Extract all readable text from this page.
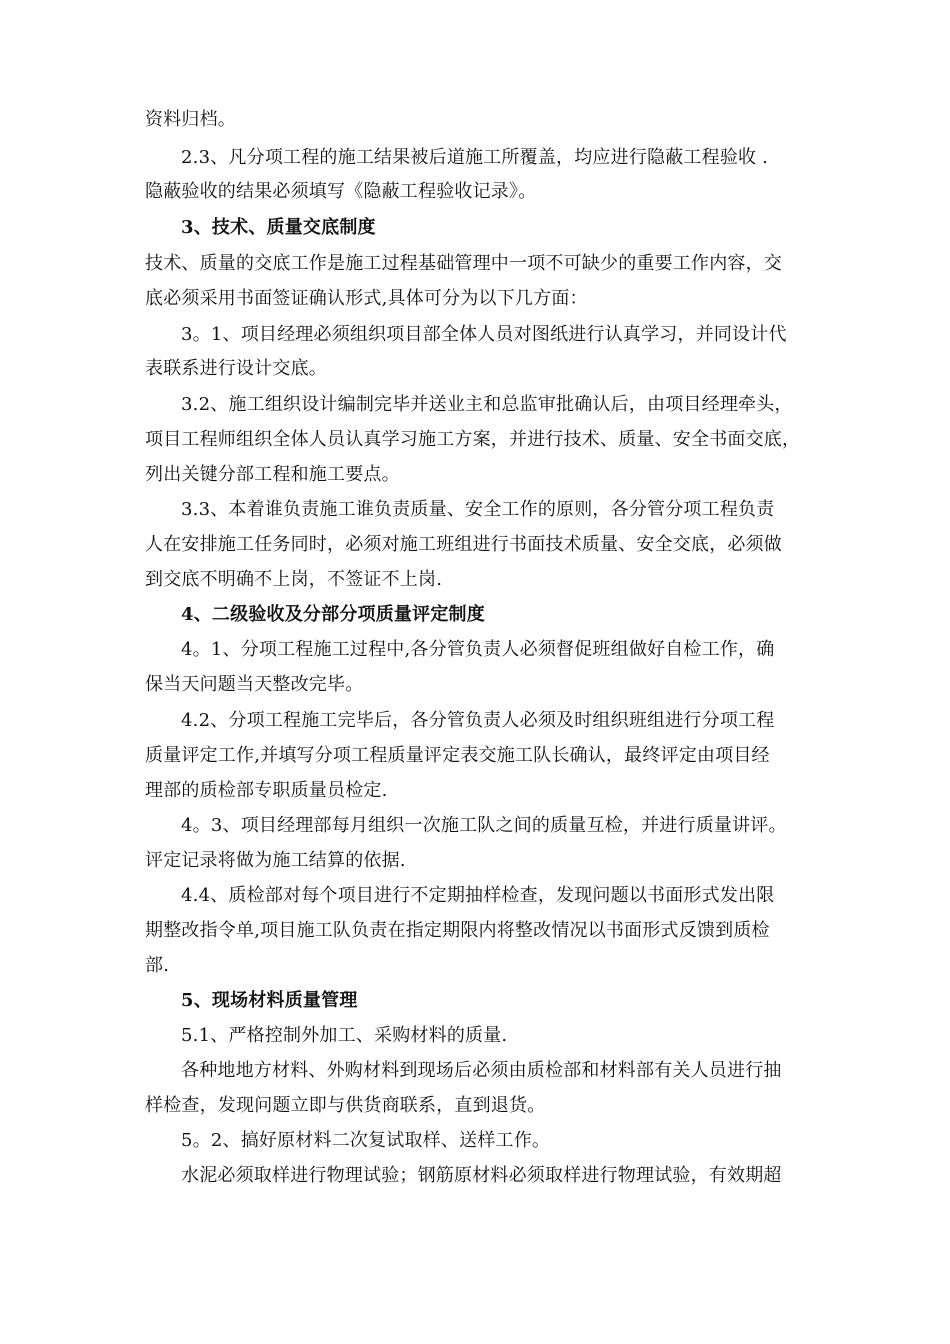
资料归档。
2.3、凡分项工程的施工结果被后道施工所覆盖，均应进行隐蔽工程验收 .
隐蔽验收的结果必须填写《隐蔽工程验收记录》。
3、技术、质量交底制度
技术、质量的交底工作是施工过程基础管理中一项不可缺少的重要工作内容，交
底必须采用书面签证确认形式,具体可分为以下几方面：
3。1、项目经理必须组织项目部全体人员对图纸进行认真学习，并同设计代
表联系进行设计交底。
3.2、施工组织设计编制完毕并送业主和总监审批确认后，由项目经理牵头，
项目工程师组织全体人员认真学习施工方案，并进行技术、质量、安全书面交底，
列出关键分部工程和施工要点。
3.3、本着谁负责施工谁负责质量、安全工作的原则，各分管分项工程负责
人在安排施工任务同时，必须对施工班组进行书面技术质量、安全交底，必须做
到交底不明确不上岗，不签证不上岗.
4、二级验收及分部分项质量评定制度
4。1、分项工程施工过程中,各分管负责人必须督促班组做好自检工作，确
保当天问题当天整改完毕。
4.2、分项工程施工完毕后，各分管负责人必须及时组织班组进行分项工程
质量评定工作,并填写分项工程质量评定表交施工队长确认，最终评定由项目经
理部的质检部专职质量员检定.
4。3、项目经理部每月组织一次施工队之间的质量互检，并进行质量讲评。
评定记录将做为施工结算的依据.
4.4、质检部对每个项目进行不定期抽样检查，发现问题以书面形式发出限
期整改指令单,项目施工队负责在指定期限内将整改情况以书面形式反馈到质检
部.
5、现场材料质量管理
5.1、严格控制外加工、采购材料的质量.
各种地地方材料、外购材料到现场后必须由质检部和材料部有关人员进行抽
样检查，发现问题立即与供货商联系，直到退货。
5。2、搞好原材料二次复试取样、送样工作。
水泥必须取样进行物理试验；钢筋原材料必须取样进行物理试验，有效期超
